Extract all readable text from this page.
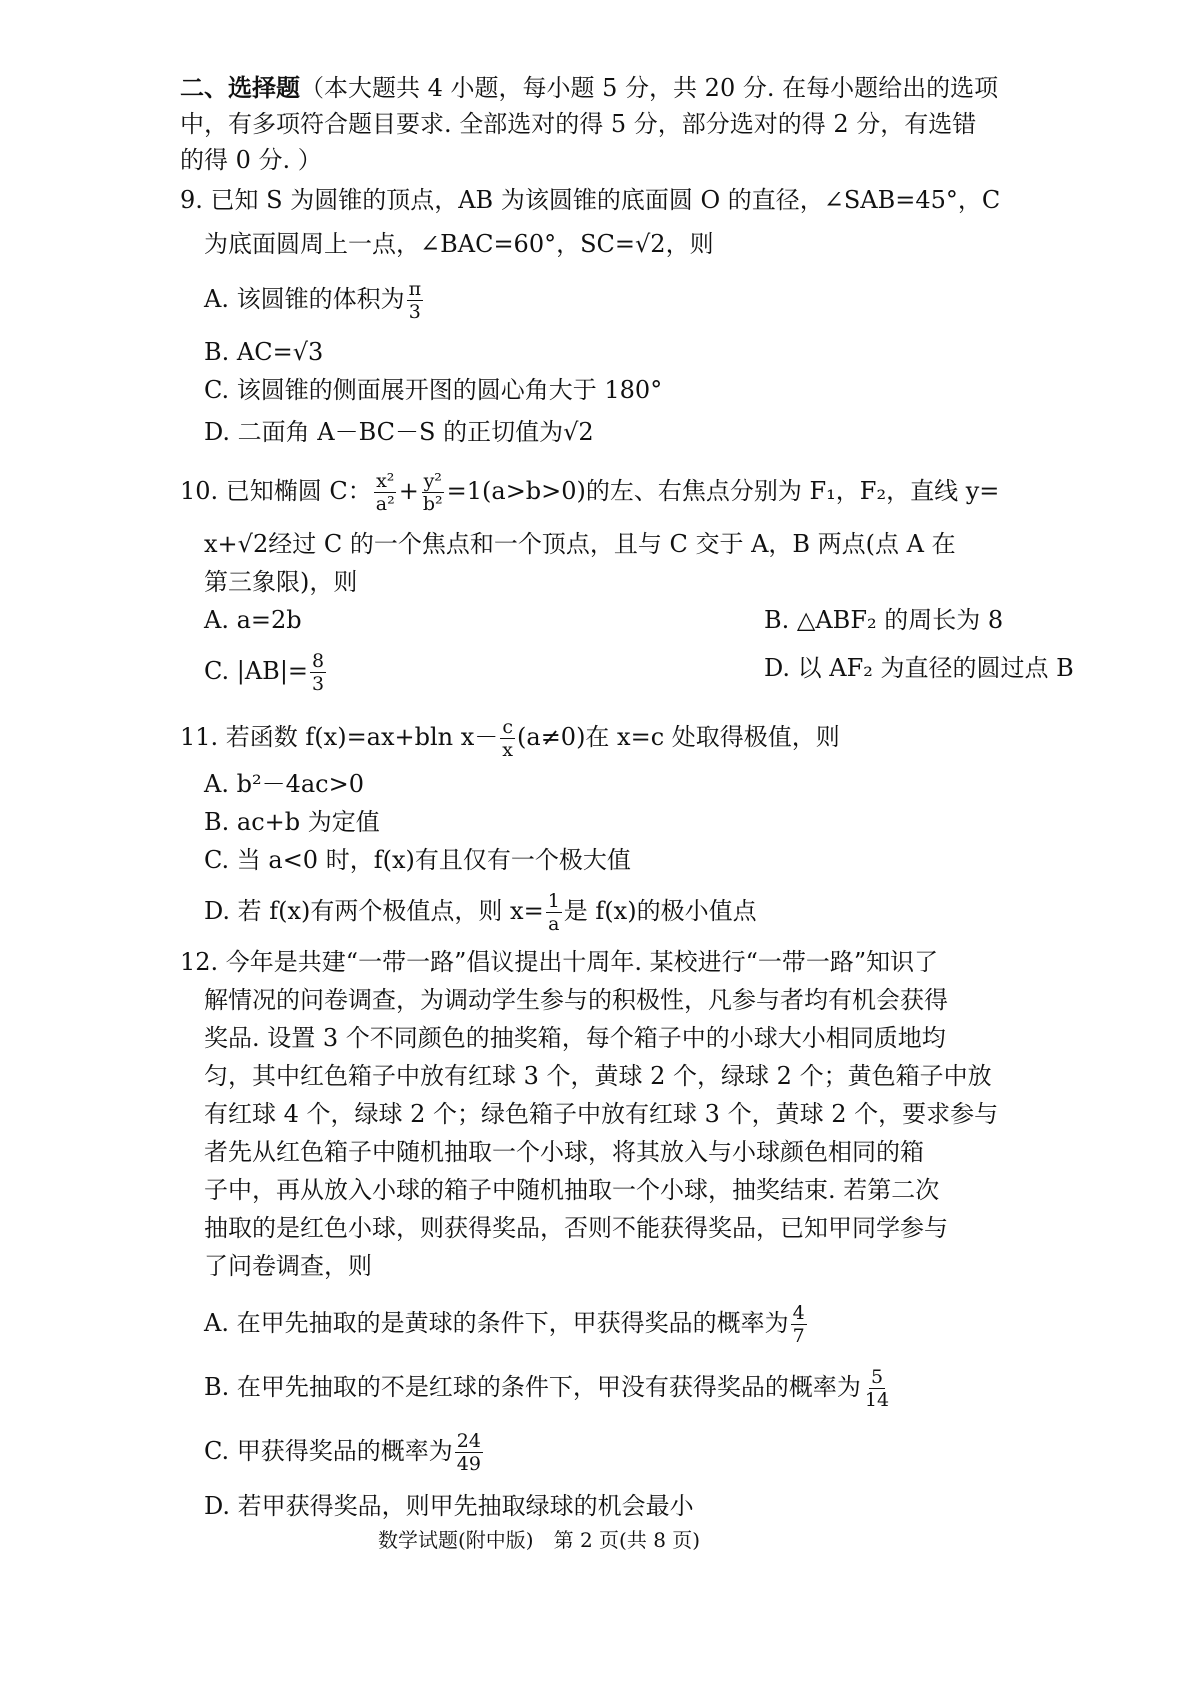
二、选择题（本大题共 4 小题，每小题 5 分，共 20 分. 在每小题给出的选项
中，有多项符合题目要求. 全部选对的得 5 分，部分选对的得 2 分，有选错
的得 0 分. ）
9. 已知 S 为圆锥的顶点，AB 为该圆锥的底面圆 O 的直径，∠SAB=45°，C
为底面圆周上一点，∠BAC=60°，SC=√2，则
A. 该圆锥的体积为 $\frac{\pi}{3}$
B. AC=√3
C. 该圆锥的侧面展开图的圆心角大于 180°
D. 二面角 A－BC－S 的正切值为√2
10. 已知椭圆 C： $\frac{\text{x²}}{\text{a²}} + \frac{\text{y²}}{\text{b²}} =1(a>b>0)$的左、右焦点分别为 F₁，F₂，直线 y=
x+√2经过 C 的一个焦点和一个顶点，且与 C 交于 A，B 两点(点 A 在
第三象限)，则
A. a=2b	B. △ABF₂ 的周长为 8
C. $|AB|= \frac{8}{3}$	D. 以 AF₂ 为直径的圆过点 B
11. 若函数 f(x)=ax+bln $x- \frac{c}{x} (a\ne 0)$在 x=c 处取得极值，则
A. b²－4ac>0
B. ac+b 为定值
C. 当 a<0 时，f(x)有且仅有一个极大值
D. 若 f(x)有两个极值点，则 $x= \frac{1}{a}$ 是 f(x)的极小值点
12. 今年是共建“一带一路”倡议提出十周年. 某校进行“一带一路”知识了
解情况的问卷调查，为调动学生参与的积极性，凡参与者均有机会获得
奖品. 设置 3 个不同颜色的抽奖箱，每个箱子中的小球大小相同质地均
匀，其中红色箱子中放有红球 3 个，黄球 2 个，绿球 2 个；黄色箱子中放
有红球 4 个，绿球 2 个；绿色箱子中放有红球 3 个，黄球 2 个，要求参与
者先从红色箱子中随机抽取一个小球，将其放入与小球颜色相同的箱
子中，再从放入小球的箱子中随机抽取一个小球，抽奖结束. 若第二次
抽取的是红色小球，则获得奖品，否则不能获得奖品，已知甲同学参与
了问卷调查，则
A. 在甲先抽取的是黄球的条件下，甲获得奖品的概率为 $\frac{4}{7}$
B. 在甲先抽取的不是红球的条件下，甲没有获得奖品的概率为 $\frac{5}{14}$
C. 甲获得奖品的概率为 $\frac{24}{49}$
D. 若甲获得奖品，则甲先抽取绿球的机会最小
数学试题(附中版)　第 2 页(共 8 页)
